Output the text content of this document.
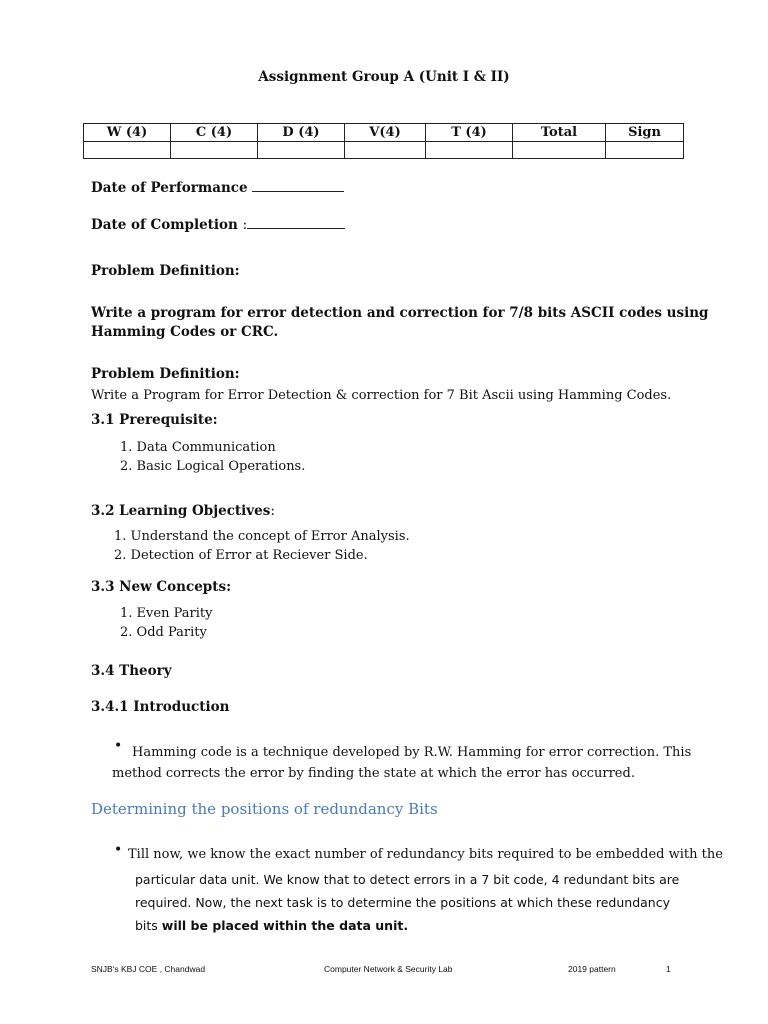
Assignment Group A (Unit I & II)
W (4)	C (4)	D (4)	V(4)	T (4)	Total	Sign

Date of Performance
Date of Completion :
Problem Definition:
Write a program for error detection and correction for 7/8 bits ASCII codes using
Hamming Codes or CRC.
Problem Definition:
Write a Program for Error Detection & correction for 7 Bit Ascii using Hamming Codes.
3.1 Prerequisite:
1. Data Communication
2. Basic Logical Operations.
3.2 Learning Objectives:
1. Understand the concept of Error Analysis.
2. Detection of Error at Reciever Side.
3.3 New Concepts:
1. Even Parity
2. Odd Parity
3.4 Theory
3.4.1 Introduction
• Hamming code is a technique developed by R.W. Hamming for error correction. This
method corrects the error by finding the state at which the error has occurred.
Determining the positions of redundancy Bits
• Till now, we know the exact number of redundancy bits required to be embedded with the
particular data unit. We know that to detect errors in a 7 bit code, 4 redundant bits are
required. Now, the next task is to determine the positions at which these redundancy
bits will be placed within the data unit.
SNJB's KBJ COE , Chandwad	Computer Network & Security Lab	2019 pattern	1
